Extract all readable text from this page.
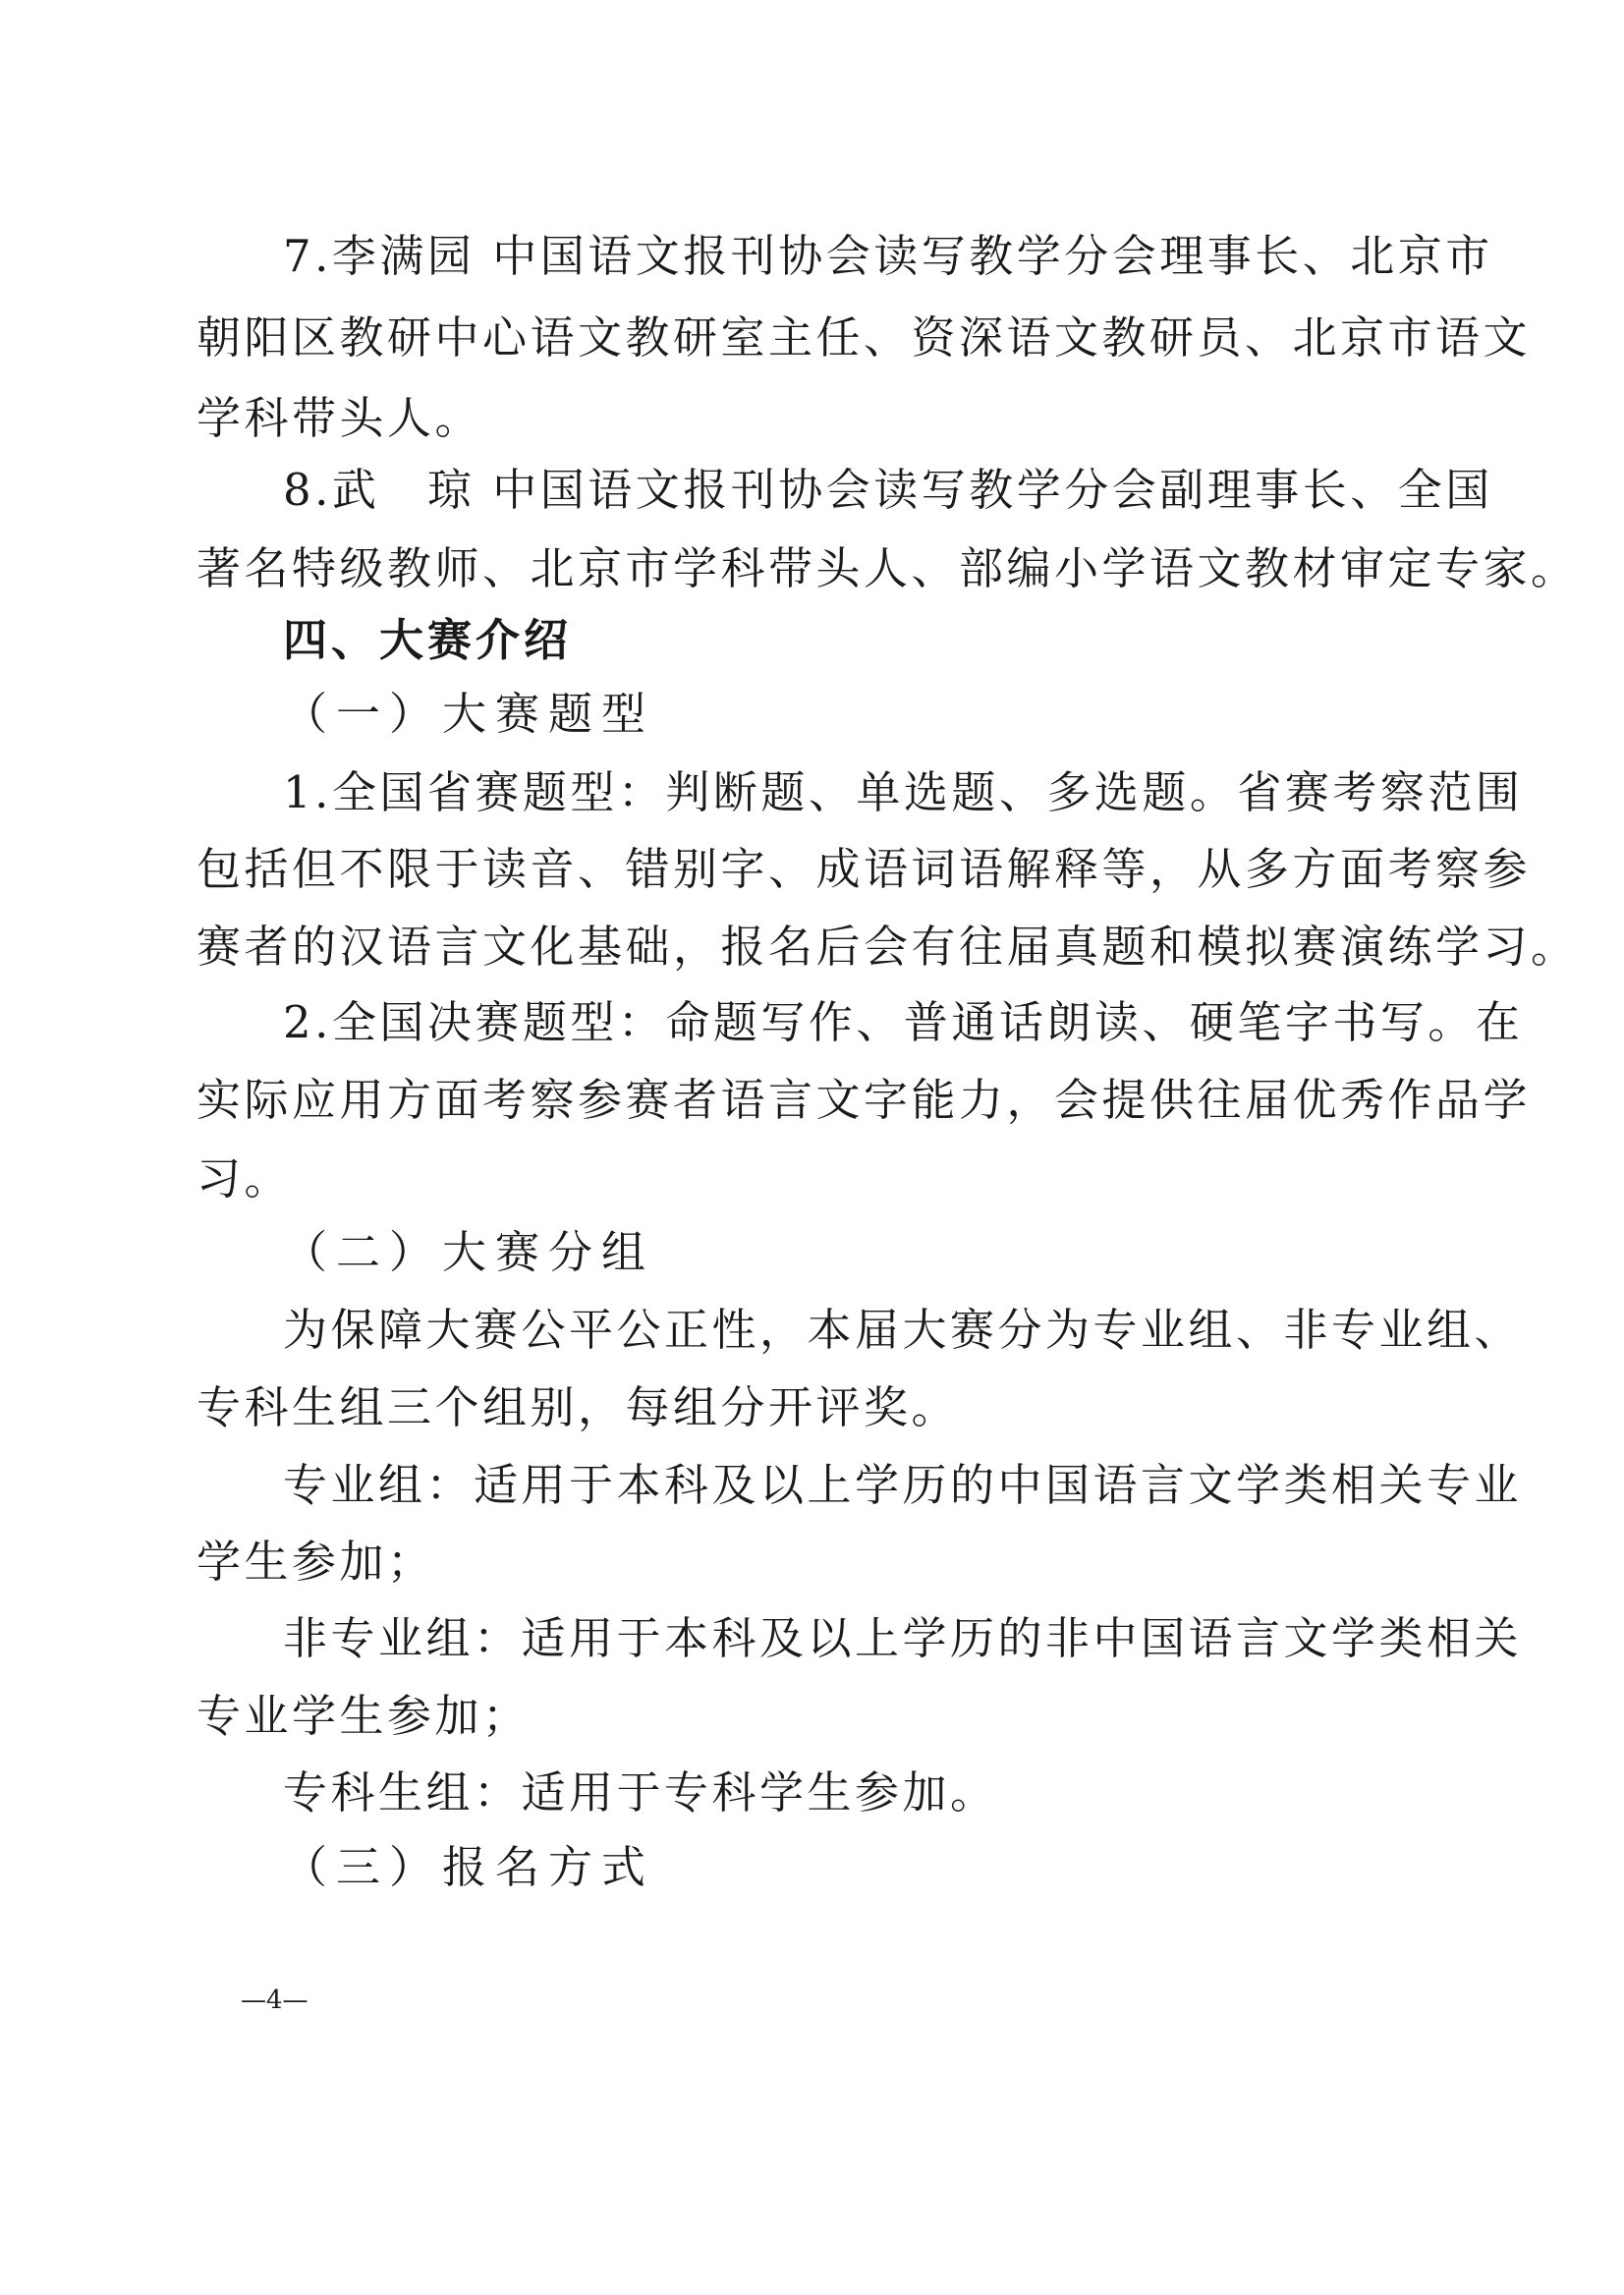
7.李满园 中国语文报刊协会读写教学分会理事长、北京市
朝阳区教研中心语文教研室主任、资深语文教研员、北京市语文
学科带头人。
8.武　琼 中国语文报刊协会读写教学分会副理事长、全国
著名特级教师、北京市学科带头人、部编小学语文教材审定专家。
四、大赛介绍
（一）大赛题型
1.全国省赛题型：判断题、单选题、多选题。省赛考察范围
包括但不限于读音、错别字、成语词语解释等，从多方面考察参
赛者的汉语言文化基础，报名后会有往届真题和模拟赛演练学习。
2.全国决赛题型：命题写作、普通话朗读、硬笔字书写。在
实际应用方面考察参赛者语言文字能力，会提供往届优秀作品学
习。
（二）大赛分组
为保障大赛公平公正性，本届大赛分为专业组、非专业组、
专科生组三个组别，每组分开评奖。
专业组：适用于本科及以上学历的中国语言文学类相关专业
学生参加；
非专业组：适用于本科及以上学历的非中国语言文学类相关
专业学生参加；
专科生组：适用于专科学生参加。
（三）报名方式
—4—
